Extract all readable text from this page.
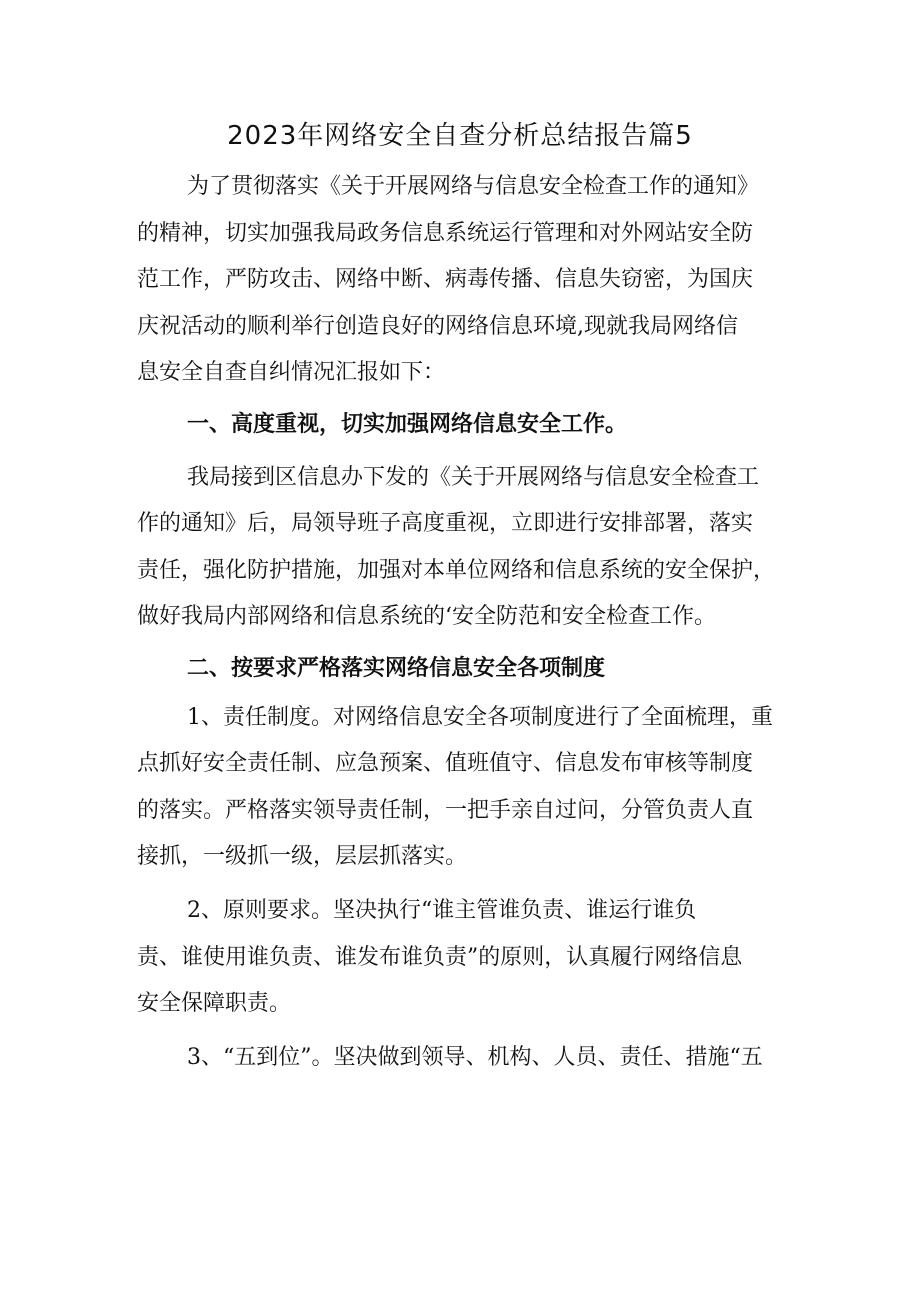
2023年网络安全自查分析总结报告篇5
为了贯彻落实《关于开展网络与信息安全检查工作的通知》
的精神，切实加强我局政务信息系统运行管理和对外网站安全防
范工作，严防攻击、网络中断、病毒传播、信息失窃密，为国庆
庆祝活动的顺利举行创造良好的网络信息环境,现就我局网络信
息安全自查自纠情况汇报如下：
一、高度重视，切实加强网络信息安全工作。
我局接到区信息办下发的《关于开展网络与信息安全检查工
作的通知》后，局领导班子高度重视，立即进行安排部署，落实
责任，强化防护措施，加强对本单位网络和信息系统的安全保护，
做好我局内部网络和信息系统的‘安全防范和安全检查工作。
二、按要求严格落实网络信息安全各项制度
1、责任制度。对网络信息安全各项制度进行了全面梳理，重
点抓好安全责任制、应急预案、值班值守、信息发布审核等制度
的落实。严格落实领导责任制，一把手亲自过问，分管负责人直
接抓，一级抓一级，层层抓落实。
2、原则要求。坚决执行“谁主管谁负责、谁运行谁负
责、谁使用谁负责、谁发布谁负责”的原则，认真履行网络信息
安全保障职责。
3、“五到位”。坚决做到领导、机构、人员、责任、措施“五
